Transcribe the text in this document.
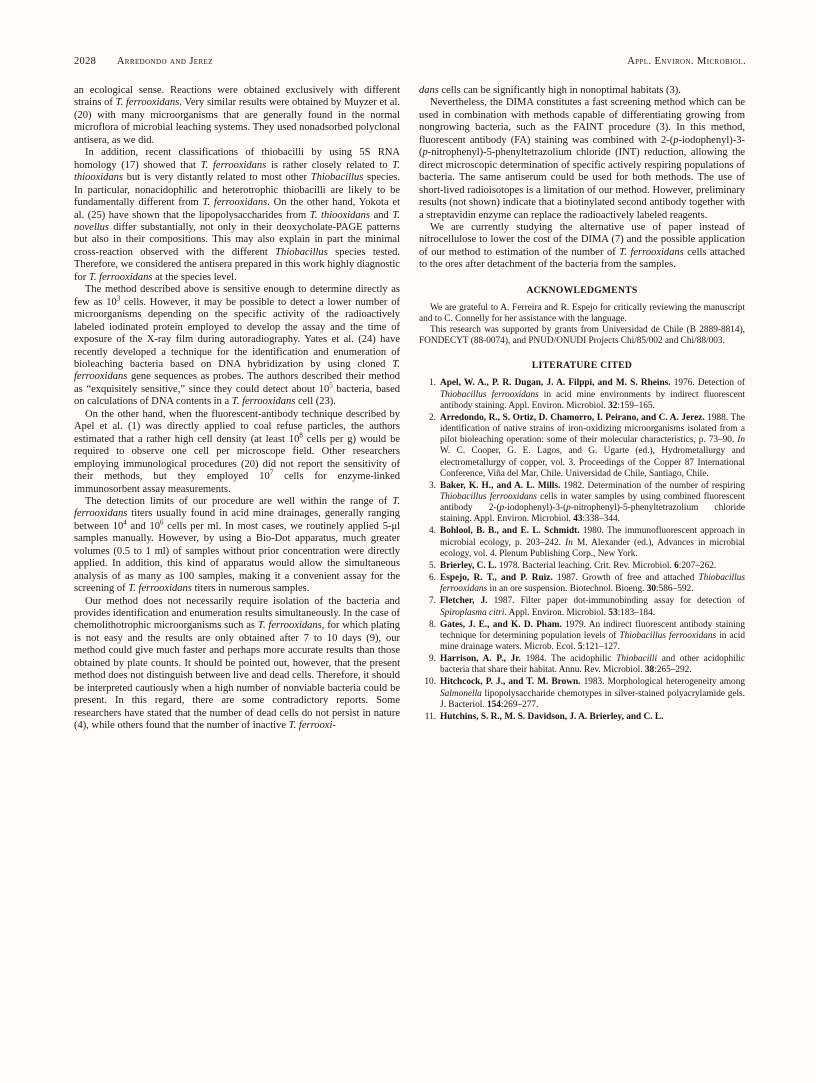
2028 Arredondo and Jerez	Appl. Environ. Microbiol.

an ecological sense. Reactions were obtained exclusively with different strains of T. ferrooxidans. Very similar results were obtained by Muyzer et al. (20) with many microorganisms that are generally found in the normal microflora of microbial leaching systems. They used nonadsorbed polyclonal antisera, as we did.

In addition, recent classifications of thiobacilli by using 5S RNA homology (17) showed that T. ferrooxidans is rather closely related to T. thiooxidans but is very distantly related to most other Thiobacillus species. In particular, nonacidophilic and heterotrophic thiobacilli are likely to be fundamentally different from T. ferrooxidans. On the other hand, Yokota et al. (25) have shown that the lipopolysaccharides from T. thiooxidans and T. novellus differ substantially, not only in their deoxycholate-PAGE patterns but also in their compositions. This may also explain in part the minimal cross-reaction observed with the different Thiobacillus species tested. Therefore, we considered the antisera prepared in this work highly diagnostic for T. ferrooxidans at the species level.

The method described above is sensitive enough to determine directly as few as $10^3$ cells. However, it may be possible to detect a lower number of microorganisms depending on the specific activity of the radioactively labeled iodinated protein employed to develop the assay and the time of exposure of the X-ray film during autoradiography. Yates et al. (24) have recently developed a technique for the identification and enumeration of bioleaching bacteria based on DNA hybridization by using cloned T. ferrooxidans gene sequences as probes. The authors described their method as “exquisitely sensitive,” since they could detect about $10^5$ bacteria, based on calculations of DNA contents in a T. ferrooxidans cell (23).

On the other hand, when the fluorescent-antibody technique described by Apel et al. (1) was directly applied to coal refuse particles, the authors estimated that a rather high cell density (at least $10^8$ cells per g) would be required to observe one cell per microscope field. Other researchers employing immunological procedures (20) did not report the sensitivity of their methods, but they employed $10^7$ cells for enzyme-linked immunosorbent assay measurements.

The detection limits of our procedure are well within the range of T. ferrooxidans titers usually found in acid mine drainages, generally ranging between $10^4$ and $10^6$ cells per ml. In most cases, we routinely applied 5-μl samples manually. However, by using a Bio-Dot apparatus, much greater volumes (0.5 to 1 ml) of samples without prior concentration were directly applied. In addition, this kind of apparatus would allow the simultaneous analysis of as many as 100 samples, making it a convenient assay for the screening of T. ferrooxidans titers in numerous samples.

Our method does not necessarily require isolation of the bacteria and provides identification and enumeration results simultaneously. In the case of chemolithotrophic microorganisms such as T. ferrooxidans, for which plating is not easy and the results are only obtained after 7 to 10 days (9), our method could give much faster and perhaps more accurate results than those obtained by plate counts. It should be pointed out, however, that the present method does not distinguish between live and dead cells. Therefore, it should be interpreted cautiously when a high number of nonviable bacteria could be present. In this regard, there are some contradictory reports. Some researchers have stated that the number of dead cells do not persist in nature (4), while others found that the number of inactive T. ferrooxi-

dans cells can be significantly high in nonoptimal habitats (3).

Nevertheless, the DIMA constitutes a fast screening method which can be used in combination with methods capable of differentiating growing from nongrowing bacteria, such as the FAINT procedure (3). In this method, fluorescent antibody (FA) staining was combined with 2-(p-iodophenyl)-3-(p-nitrophenyl)-5-phenyltetrazolium chloride (INT) reduction, allowing the direct microscopic determination of specific actively respiring populations of bacteria. The same antiserum could be used for both methods. The use of short-lived radioisotopes is a limitation of our method. However, preliminary results (not shown) indicate that a biotinylated second antibody together with a streptavidin enzyme can replace the radioactively labeled reagents.

We are currently studying the alternative use of paper instead of nitrocellulose to lower the cost of the DIMA (7) and the possible application of our method to estimation of the number of T. ferrooxidans cells attached to the ores after detachment of the bacteria from the samples.

ACKNOWLEDGMENTS

We are grateful to A. Ferreira and R. Espejo for critically reviewing the manuscript and to C. Connelly for her assistance with the language.

This research was supported by grants from Universidad de Chile (B 2889-8814), FONDECYT (88-0074), and PNUD/ONUDI Projects Chi/85/002 and Chi/88/003.

LITERATURE CITED
1. Apel, W. A., P. R. Dugan, J. A. Filppi, and M. S. Rheins. 1976. Detection of Thiobacillus ferrooxidans in acid mine environments by indirect fluorescent antibody staining. Appl. Environ. Microbiol. 32:159–165.
2. Arredondo, R., S. Ortiz, D. Chamorro, I. Peirano, and C. A. Jerez. 1988. The identification of native strains of iron-oxidizing microorganisms isolated from a pilot bioleaching operation: some of their molecular characteristics, p. 73–90. In W. C. Cooper, G. E. Lagos, and G. Ugarte (ed.), Hydrometallurgy and electrometallurgy of copper, vol. 3. Proceedings of the Copper 87 International Conference, Viña del Mar, Chile. Universidad de Chile, Santiago, Chile.
3. Baker, K. H., and A. L. Mills. 1982. Determination of the number of respiring Thiobacillus ferrooxidans cells in water samples by using combined fluorescent antibody 2-(p-iodophenyl)-3-(p-nitrophenyl)-5-phenyltetrazolium chloride staining. Appl. Environ. Microbiol. 43:338–344.
4. Bohlool, B. B., and E. L. Schmidt. 1980. The immunofluorescent approach in microbial ecology, p. 203–242. In M. Alexander (ed.), Advances in microbial ecology, vol. 4. Plenum Publishing Corp., New York.
5. Brierley, C. L. 1978. Bacterial leaching. Crit. Rev. Microbiol. 6:207–262.
6. Espejo, R. T., and P. Ruiz. 1987. Growth of free and attached Thiobacillus ferrooxidans in an ore suspension. Biotechnol. Bioeng. 30:586–592.
7. Fletcher, J. 1987. Filter paper dot-immunobinding assay for detection of Spiroplasma citri. Appl. Environ. Microbiol. 53:183–184.
8. Gates, J. E., and K. D. Pham. 1979. An indirect fluorescent antibody staining technique for determining population levels of Thiobacillus ferrooxidans in acid mine drainage waters. Microb. Ecol. 5:121–127.
9. Harrison, A. P., Jr. 1984. The acidophilic Thiobacilli and other acidophilic bacteria that share their habitat. Annu. Rev. Microbiol. 38:265–292.
10. Hitchcock, P. J., and T. M. Brown. 1983. Morphological heterogeneity among Salmonella lipopolysaccharide chemotypes in silver-stained polyacrylamide gels. J. Bacteriol. 154:269–277.
11. Hutchins, S. R., M. S. Davidson, J. A. Brierley, and C. L.
